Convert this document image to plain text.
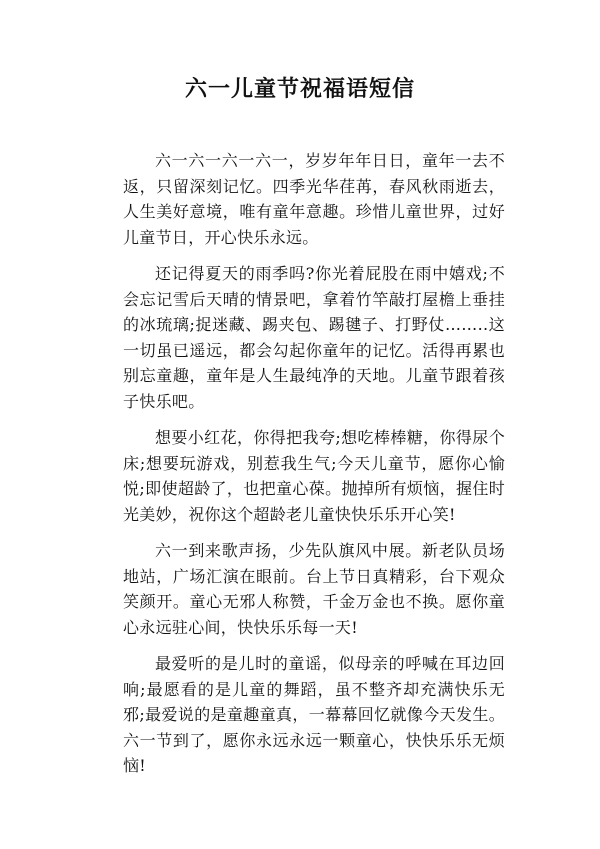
六一儿童节祝福语短信

六一六一六一六一，岁岁年年日日，童年一去不返，只留深刻记忆。四季光华荏苒，春风秋雨逝去，人生美好意境，唯有童年意趣。珍惜儿童世界，过好儿童节日，开心快乐永远。

还记得夏天的雨季吗?你光着屁股在雨中嬉戏;不会忘记雪后天晴的情景吧，拿着竹竿敲打屋檐上垂挂的冰琉璃;捉迷藏、踢夹包、踢毽子、打野仗……..这一切虽已遥远，都会勾起你童年的记忆。活得再累也别忘童趣，童年是人生最纯净的天地。儿童节跟着孩子快乐吧。

想要小红花，你得把我夸;想吃棒棒糖，你得尿个床;想要玩游戏，别惹我生气;今天儿童节，愿你心愉悦;即使超龄了，也把童心葆。抛掉所有烦恼，握住时光美妙，祝你这个超龄老儿童快快乐乐开心笑!

六一到来歌声扬，少先队旗风中展。新老队员场地站，广场汇演在眼前。台上节日真精彩，台下观众笑颜开。童心无邪人称赞，千金万金也不换。愿你童心永远驻心间，快快乐乐每一天!

最爱听的是儿时的童谣，似母亲的呼喊在耳边回响;最愿看的是儿童的舞蹈，虽不整齐却充满快乐无邪;最爱说的是童趣童真，一幕幕回忆就像今天发生。六一节到了，愿你永远永远一颗童心，快快乐乐无烦恼!
